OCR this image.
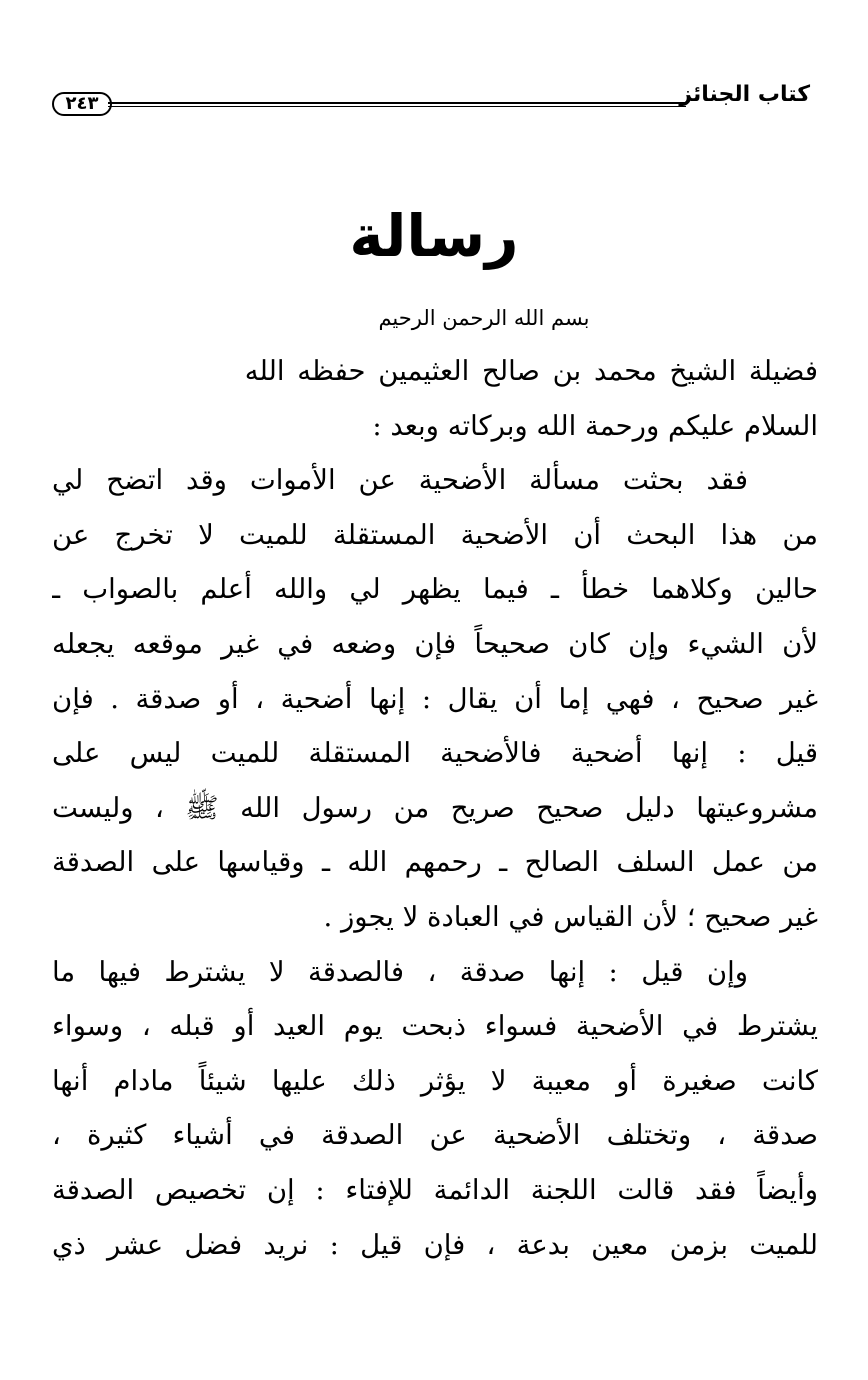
كتاب الجنائز
٢٤٣
رسالة
بسم الله الرحمن الرحيم
فضيلة الشيخ محمد بن صالح العثيمين حفظه الله
السلام عليكم ورحمة الله وبركاته وبعد :
فقد بحثت مسألة الأضحية عن الأموات وقد اتضح لي
من هذا البحث أن الأضحية المستقلة للميت لا تخرج عن
حالين وكلاهما خطأ ـ فيما يظهر لي والله أعلم بالصواب ـ
لأن الشيء وإن كان صحيحاً فإن وضعه في غير موقعه يجعله
غير صحيح ، فهي إما أن يقال : إنها أضحية ، أو صدقة . فإن
قيل : إنها أضحية فالأضحية المستقلة للميت ليس على
مشروعيتها دليل صحيح صريح من رسول الله ﷺ ، وليست
من عمل السلف الصالح ـ رحمهم الله ـ وقياسها على الصدقة
غير صحيح ؛ لأن القياس في العبادة لا يجوز .
وإن قيل : إنها صدقة ، فالصدقة لا يشترط فيها ما
يشترط في الأضحية فسواء ذبحت يوم العيد أو قبله ، وسواء
كانت صغيرة أو معيبة لا يؤثر ذلك عليها شيئاً مادام أنها
صدقة ، وتختلف الأضحية عن الصدقة في أشياء كثيرة ،
وأيضاً فقد قالت اللجنة الدائمة للإفتاء : إن تخصيص الصدقة
للميت بزمن معين بدعة ، فإن قيل : نريد فضل عشر ذي
